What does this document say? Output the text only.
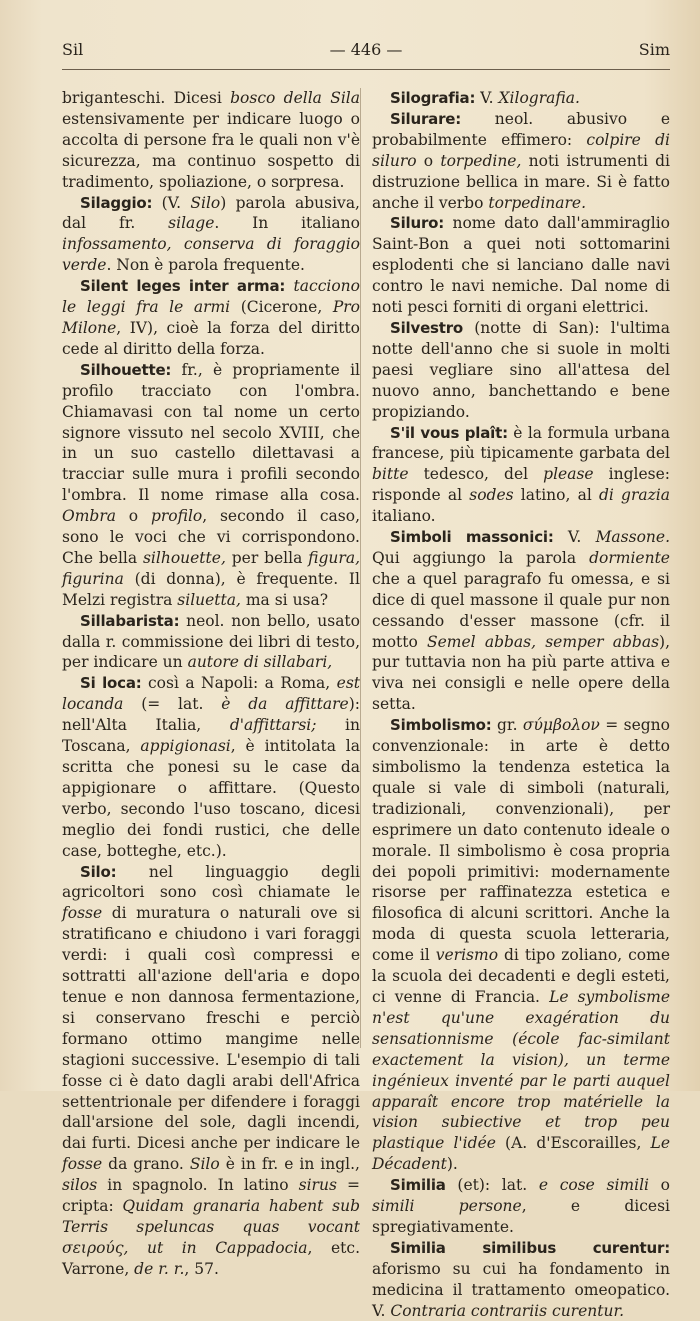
Sil	— 446 —	Sim

briganteschi. Dicesi bosco della Sila estensivamente per indicare luogo o accolta di persone fra le quali non v'è sicurezza, ma continuo sospetto di tradimento, spoliazione, o sorpresa.

Silaggio: (V. Silo) parola abusiva, dal fr. silage. In italiano infossamento, conserva di foraggio verde. Non è parola frequente.

Silent leges inter arma: tacciono le leggi fra le armi (Cicerone, Pro Milone, IV), cioè la forza del diritto cede al diritto della forza.

Silhouette: fr., è propriamente il profilo tracciato con l'ombra. Chiamavasi con tal nome un certo signore vissuto nel secolo XVIII, che in un suo castello dilettavasi a tracciar sulle mura i profili secondo l'ombra. Il nome rimase alla cosa. Ombra o profilo, secondo il caso, sono le voci che vi corrispondono. Che bella silhouette, per bella figura, figurina (di donna), è frequente. Il Melzi registra siluetta, ma si usa?

Sillabarista: neol. non bello, usato dalla r. commissione dei libri di testo, per indicare un autore di sillabari,

Si loca: così a Napoli: a Roma, est locanda (= lat. è da affittare): nell'Alta Italia, d'affittarsi; in Toscana, appigionasi, è intitolata la scritta che ponesi su le case da appigionare o affittare. (Questo verbo, secondo l'uso toscano, dicesi meglio dei fondi rustici, che delle case, botteghe, etc.).

Silo: nel linguaggio degli agricoltori sono così chiamate le fosse di muratura o naturali ove si stratificano e chiudono i vari foraggi verdi: i quali così compressi e sottratti all'azione dell'aria e dopo tenue e non dannosa fermentazione, si conservano freschi e perciò formano ottimo mangime nelle stagioni successive. L'esempio di tali fosse ci è dato dagli arabi dell'Africa settentrionale per difendere i foraggi dall'arsione del sole, dagli incendi, dai furti. Dicesi anche per indicare le fosse da grano. Silo è in fr. e in ingl., silos in spagnolo. In latino sirus = cripta: Quidam granaria habent sub Terris speluncas quas vocant σειρούς, ut in Cappadocia, etc. Varrone, de r. r., 57.

Silografia: V. Xilografia.

Silurare: neol. abusivo e probabilmente effimero: colpire di siluro o torpedine, noti istrumenti di distruzione bellica in mare. Si è fatto anche il verbo torpedinare.

Siluro: nome dato dall'ammiraglio Saint-Bon a quei noti sottomarini esplodenti che si lanciano dalle navi contro le navi nemiche. Dal nome di noti pesci forniti di organi elettrici.

Silvestro (notte di San): l'ultima notte dell'anno che si suole in molti paesi vegliare sino all'attesa del nuovo anno, banchettando e bene propiziando.

S'il vous plaît: è la formula urbana francese, più tipicamente garbata del bitte tedesco, del please inglese: risponde al sodes latino, al di grazia italiano.

Simboli massonici: V. Massone. Qui aggiungo la parola dormiente che a quel paragrafo fu omessa, e si dice di quel massone il quale pur non cessando d'esser massone (cfr. il motto Semel abbas, semper abbas), pur tuttavia non ha più parte attiva e viva nei consigli e nelle opere della setta.

Simbolismo: gr. σύμβολον = segno convenzionale: in arte è detto simbolismo la tendenza estetica la quale si vale di simboli (naturali, tradizionali, convenzionali), per esprimere un dato contenuto ideale o morale. Il simbolismo è cosa propria dei popoli primitivi: modernamente risorse per raffinatezza estetica e filosofica di alcuni scrittori. Anche la moda di questa scuola letteraria, come il verismo di tipo zoliano, come la scuola dei decadenti e degli esteti, ci venne di Francia. Le symbolisme n'est qu'une exagération du sensationnisme (école fac-similant exactement la vision), un terme ingénieux inventé par le parti auquel apparaît encore trop matérielle la vision subiective et trop peu plastique l'idée (A. d'Escorailles, Le Décadent).

Similia (et): lat. e cose simili o simili persone, e dicesi spregiativamente.

Similia similibus curentur: aforismo su cui ha fondamento in medicina il trattamento omeopatico. V. Contraria contrariis curentur.
